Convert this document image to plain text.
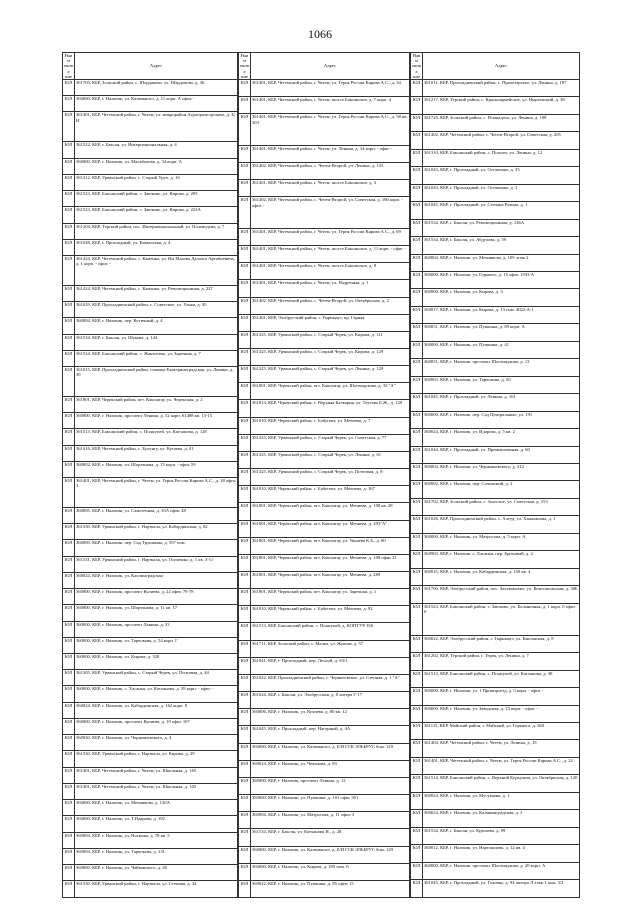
1066
Наим енова ние	Адрес
ЮЛ	361705, КБР, Зольский район, с. Шордаково, ул. Шардокова, д. 36
ЮЛ	360000, КБР, г. Нальчик, ул. Калюжного, д. 11 корп. А офис -
ЮЛ	361401, КБР, Чегемский район, г. Чегем, ул. микрорайон Агропромстроцека, д. Б/Н
ЮЛ	361522, КБР, г. Баксан, ул. Интернациональная, д. 4
ЮЛ	360000, КБР, г. Нальчик, ул. Мальбахова, д. 34 корп. А
ЮЛ	361312, КБР, Урванский район, с. Старый Урух, д. 16
ЮЛ	361523, КБР, Баксанский район, с. Заюково, ул. Кирова, д. 295
ЮЛ	361523, КБР, Баксанский район, с. Заюково, ул. Кирова, д. 222А
ЮЛ	361204, КБР, Терский район, пос. Интернациональный, ул. Полеводова, д. 7
ЮЛ	361048, КБР, г. Прохладный, ул. Кавказская, д. 4
ЮЛ	361424, КБР, Чегемский район, с. Каменка, ул. Им Махова Далхата Артабиевича, д. 1 корп. - офис -
ЮЛ	361424, КБР, Чегемский район, с. Каменка, ул. Революционная, д. 227
ЮЛ	361029, КБР, Прохладненский район, с. Советское, ул. Ульян, д. 30
ЮЛ	360004, КБР, г. Нальчик, пер. Кутичный, д. 4
ЮЛ	361534, КБР, г. Баксан, ул. Шукова, д. 144
ЮЛ	361524, КБР, Баксанский район, с. Жанхотеко, ул. Заречная, д. 7
ЮЛ	361015, КБР, Прохладненский район, станица Екатериноградская, ул. Ленина, д. 39
ЮЛ	361801, КБР, Черекский район, пгт. Кашхатау, ул. Черекская, д. 2
ЮЛ	360000, КБР, г. Нальчик, проспект Ленина, д. 52 корп. 61488 кв. 13-15
ЮЛ	361513, КБР, Баксанский район, с. Псыкупей, ул. Катханова, д. 128
ЮЛ	361416, КБР, Чегемский район, с. Булунгу, ул. Кутаева, д. 41
ЮЛ	360002, КБР, г. Нальчик, ул. Шортанова, д. 15 корп. - офис 59
ЮЛ	361401, КБР, Чегемский район, г. Чегем, ул. Героя России Кярова А.С., д. 28 офис 3
ЮЛ	360005, КБР, г. Нальчик, ул. Самотечная, д. 35А офис 48
ЮЛ	361330, КБР, Урванский район, г. Нарткала, ул. Кабардинская, д. 82
ЮЛ	360000, КБР, г. Нальчик, пер. Сад Трушкина, д. 597 пом.
ЮЛ	361331, КБР, Урванский район, г. Нарткала, ул. Осипенко, д. 1 кв. 3-11
ЮЛ	360024, КБР, г. Нальчик, ул. Кахпинградская
ЮЛ	360000, КБР, г. Нальчик, проспект Кулиева, д. 22 офис 79-78
ЮЛ	360000, КБР, г. Нальчик, ул. Шортанова, д. 11 кв. 17
ЮЛ	360000, КБР, г. Нальчик, проспект Ленина, д. 33
ЮЛ	360000, КБР, г. Нальчик, ул. Тарчокова, д. 54 корп. Г
ЮЛ	360000, КБР, г. Нальчик, ул. Кирова, д. 320
ЮЛ	361305, КБР, Урванский район, с. Старый Черек, ул. Почтовая, д. 44
ЮЛ	360000, КБР, г. Нальчик, с. Хасанья, ул. Катханова, д. 39 корп. - офис -
ЮЛ	360024, КБР, г. Нальчик, ул. Кабардинская, д. 162 корп. 8
ЮЛ	360000, КБР, г. Нальчик, проспект Кулиева, д. 10 офис 107
ЮЛ	360030, КБР, г. Нальчик, ул. Чернышевского, д. 4
ЮЛ	361330, КБР, Урванский район, г. Нарткала, ул. Кирова, д. 29
ЮЛ	361401, КБР, Чегемский район, г. Чегем, ул. Школьная, д. 165
ЮЛ	361401, КБР, Чегемский район, г. Чегем, ул. Школьная, д. 105
ЮЛ	360000, КБР, г. Нальчик, ул. Мечникова, д. 130А
ЮЛ	360000, КБР, г. Нальчик, ул. Т.Идарова, д. 192
ЮЛ	360004, КБР, г. Нальчик, ул. Ногмова, д. 78 кв. 5
ЮЛ	360004, КБР, г. Нальчик, ул. Тарчокова, д. 131
ЮЛ	360000, КБР, г. Нальчик, ул. Чайковского, д. 26
ЮЛ	361330, КБР, Урванский район, г. Нарткала, ул. Степная, д. 34
Наим енова ние	Адрес
ЮЛ	361401, КБР, Чегемский район, г. Чегем, ул. Героя России Кярова А.С., д. 34
ЮЛ	361401, КБР, Чегемский район, г. Чегем, шоссе Баксанское, д. 7 корп. 4
ЮЛ	361401, КБР, Чегемский район, г. Чегем, ул. Героя России Кярова А.С., д. 58 кв. 303
ЮЛ	361401, КБР, Чегемский район, г. Чегем, ул. Ленина, д. 34 корп. - офис -
ЮЛ	361402, КБР, Чегемский район, с. Чегем-Второй, ул. Ленина, д. 125
ЮЛ	361401, КБР, Чегемский район, г. Чегем, шоссе Баксанское, д. 3
ЮЛ	361402, КБР, Чегемский район, с. Чегем-Второй, ул. Советская, д. 180 корп. - офис -
ЮЛ	361401, КБР, Чегемский район, г. Чегем, ул. Героя России Кярова А.С., д. 69
ЮЛ	361401, КБР, Чегемский район, г. Чегем, шоссе Баксанское, д. 11 корп. - офис -
ЮЛ	361401, КБР, Чегемский район, г. Чегем, шоссе Баксанское, д. 8
ЮЛ	361401, КБР, Чегемский район, г. Чегем, ул. Надречная, д. 1
ЮЛ	361402, КБР, Чегемский район, с. Чегем-Второй, ул. Октябрьская, д. 2
ЮЛ	361401, КБР, Эльбрусский район, г. Тырныауз, пр. Гарная
ЮЛ	361325, КБР, Урванский район, с. Старый Черек, ул. Кирова, д. 111
ЮЛ	361325, КБР, Урванский район, с. Старый Черек, ул. Кирова, д. 129
ЮЛ	361325, КБР, Урванский район, с. Старый Черек, ул. Ленина, д. 129
ЮЛ	361801, КБР, Черекский район, пгт. Кашхатау, ул. Шогенцукова, д. 33 "А"
ЮЛ	361813, КБР, Черекский район, с. Верхняя Балкария, ул. Тхутова Б.Ж., д. 120
ЮЛ	361810, КБР, Черекский район, с. Бабугент, ул. Мечиева, д. 7
ЮЛ	361325, КБР, Урванский район, с. Старый Черек, ул. Советская, д. 77
ЮЛ	361325, КБР, Урванский район, с. Старый Черек, ул. Ленина, д. 61
ЮЛ	361325, КБР, Урванский район, с. Старый Черек, ул. Почтовая, д. 8
ЮЛ	361810, КБР, Черекский район, с. Бабугент, ул. Мечиева, д. 167
ЮЛ	361801, КБР, Черекский район, пгт. Кашхатау, ул. Мечиева, д. 108 кв. 28
ЮЛ	361801, КБР, Черекский район, пгт. Кашхатау, ул. Мечиева, д. 293"А"
ЮЛ	361801, КБР, Черекский район, пгт. Кашхатау, ул. Уянаева К.Б., д. 80
ЮЛ	361801, КБР, Черекский район, пгт. Кашхатау, ул. Мечиева, д. 108 офис 21
ЮЛ	361801, КБР, Черекский район, пгт. Кашхатау, ул. Мечиева, д. 289
ЮЛ	361801, КБР, Черекский район, пгт. Кашхатау, ул. Заречная, д. 1
ЮЛ	361810, КБР, Черекский район, с. Бабугент, ул. Мечиева, д. 92
ЮЛ	361513, КБР, Баксанский район, с. Псыкупей, д. КОПТУР 356
ЮЛ	361711, КБР, Зольский район, с. Малка, ул. Жукова, д. 57
ЮЛ	361041, КБР, г. Прохладный, пер. Лесной, д. 63/1
ЮЛ	361022, КБР, Прохладненский район, с. Черниговское, ул. Степная, д. 1 "А"
ЮЛ	361624, КБР, г. Баксан, ул. Эльбрусская, д. 8 литера Г-17
ЮЛ	360006, КБР, г. Нальчик, ул. Кулиева, д. 80 кв. 12
ЮЛ	361045, КБР, г. Прохладный, пер. Нагорный, д. 4А
ЮЛ	360000, КБР, г. Нальчик, ул. Калюжного, д. Б/Н ГСК ЭЛЬБРУС бокс 129
ЮЛ	360024, КБР, г. Нальчик, ул. Чеченова, д. 83
ЮЛ	360000, КБР, г. Нальчик, проспект Ленина, д. 12
ЮЛ	360000, КБР, г. Нальчик, ул. Пушкина, д. 101 офис 501
ЮЛ	360004, КБР, г. Нальчик, ул. Матросова, д. 11 офис 3
ЮЛ	361534, КБР, г. Баксан, ул. Катханова И., д. 28
ЮЛ	360000, КБР, г. Нальчик, ул. Калюжного, д. Б/Н ГСК ЭЛЬБРУС бокс 129
ЮЛ	360000, КБР, г. Нальчик, ул. Кирова, д. 295 пом. 6
ЮЛ	360022, КБР, г. Нальчик, ул. Пушкина, д. 85 офис 15
Наим енова ние	Адрес
ЮЛ	361011, КБР, Прохладненский район, с. Пролетарское, ул. Ленина, д. 197
ЮЛ	361217, КБР, Терский район, с. Красноармейское, ул. Ныртенский, д. 38
ЮЛ	361725, КБР, Зольский район, с. Псынадаха, ул. Ленина, д. 108
ЮЛ	361402, КБР, Чегемский район, с. Чегем-Второй, ул. Советская, д. 205
ЮЛ	361310, КБР, Баксанский район, с. Псычох, ул. Ленина, д. 12
ЮЛ	361043, КБР, г. Прохладный, ул. Остапенко, д. 35
ЮЛ	361043, КБР, г. Прохладный, ул. Остапенко, д. 3
ЮЛ	361045, КБР, г. Прохладный, ул. Степана Разина, д. 1
ЮЛ	361534, КБР, г. Баксан, ул. Революционная, д. 126А
ЮЛ	361534, КБР, г. Баксан, ул. Абдулова, д. 59
ЮЛ	360004, КБР, г. Нальчик, ул. Мечникова, д. 105 этаж 2
ЮЛ	360000, КБР, г. Нальчик, ул. Горького, д. 15 офис 1593-А
ЮЛ	360000, КБР, г. Нальчик, ул. Кирова, д. 3
ЮЛ	360017, КБР, г. Нальчик, ул. Кирова, д. 13 пом. 4022-А-1
ЮЛ	360051, КБР, г. Нальчик, ул. Пушкина, д. 89 корп. А
ЮЛ	360000, КБР, г. Нальчик, ул. Пушкина, д. 41
ЮЛ	360051, КБР, г. Нальчик, проспект Шогенцукова, д. 13
ЮЛ	360003, КБР, г. Нальчик, ул. Тарчокова, д. 50
ЮЛ	361045, КБР, г. Прохладный, ул. Ленина, д. 161
ЮЛ	360000, КБР, г. Нальчик, пер. Сад Центральные, ул. 191
ЮЛ	360024, КБР, г. Нальчик, ул. Идарова, д. 5 кв. 2
ЮЛ	361044, КБР, г. Прохладный, ул. Промышленная, д. 60
ЮЛ	360004, КБР, г. Нальчик, ул. Чернышевского, д. 212
ЮЛ	360002, КБР, г. Нальчик, пер. Сочинский, д. 2
ЮЛ	361702, КБР, Зольский район, с. Зольское, ул. Советская, д. 153
ЮЛ	361026, КБР, Прохладненский район, с. Алтуд, ул. Ханаханова, д. 1
ЮЛ	360000, КБР, г. Нальчик, ул. Матросова, д. 5 корп. А
ЮЛ	360903, КБР, г. Нальчик, с. Хасанья, пер. Бризовый, д. 2
ЮЛ	360015, КБР, г. Нальчик, ул. Кабардинская, д. 150 кв. 4
ЮЛ	361700, КБР, Эльбрусский район, пос. Залукокоаже, ул. Комсомольская, д. 30Б
ЮЛ	361523, КБР, Баксанский район, с. Заюково, ул. Больничная, д. 1 корп. 0 офис 0
ЮЛ	360022, КБР, Эльбрусский район, г. Тырныауз, ул. Баксанская, д. 8
ЮЛ	361202, КБР, Терский район, г. Терек, ул. Ленина, д. 7
ЮЛ	361513, КБР, Баксанский район, с. Псыкупей, ул. Катханова, д. 48
ЮЛ	360000, КБР, г. Нальчик, ул. 1 Промпроезд, д. 3 корп. - офис -
ЮЛ	360000, КБР, г. Нальчик, ул. Заводская, д. 23 корп. - офис -
ЮЛ	361115, КБР, Майский район, г. Майский, ул. Горького, д. 260
ЮЛ	361404, КБР, Чегемский район, г. Чегем, ул. Ленина, д. 19
ЮЛ	361401, КБР, Чегемский район, г. Чегем, ул. Героя России Кярова А.С., д. 22
ЮЛ	361514, КБР, Баксанский район, с. Верхний Куркужин, ул. Октябрьская, д. 120
ЮЛ	360024, КБР, г. Нальчик, ул. Мусукаева, д. 1
ЮЛ	360024, КБР, г. Нальчик, ул. Калининградская, д. 3
ЮЛ	361534, КБР, г. Баксан, ул. Курчаева, д. 99
ЮЛ	360012, КБР, г. Нальчик, ул. Нартокшова, д. 12 кв. 4
ЮЛ	360000, КБР, г. Нальчик, проспект Шогенцукова, д. 20 корп. А
ЮЛ	361045, КБР, г. Прохладный, ул. Головко, д. 94 литера Л этаж 1 ком. 3/2
